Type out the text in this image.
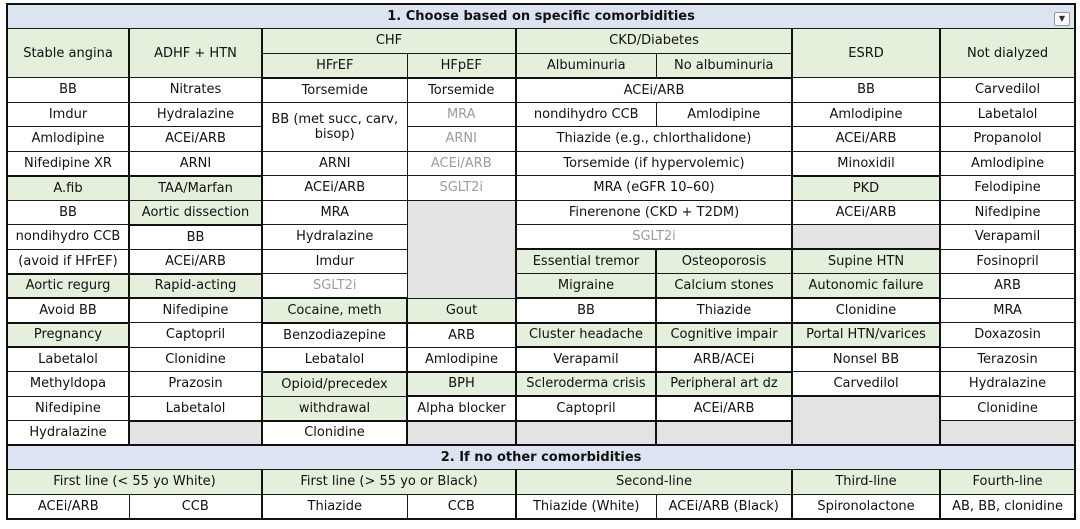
1. Choose based on specific comorbidities							
Stable angina	ADHF + HTN	CHF		CKD/Diabetes		ESRD	Not dialyzed
		HFrEF	HFpEF	Albuminuria	No albuminuria		
BB	Nitrates	Torsemide	Torsemide	ACEi/ARB		BB	Carvedilol
Imdur	Hydralazine	BB (met succ, carv, bisop)	MRA	nondihydro CCB	Amlodipine	Amlodipine	Labetalol
Amlodipine	ACEi/ARB		ARNI	Thiazide (e.g., chlorthalidone)		ACEi/ARB	Propanolol
Nifedipine XR	ARNI	ARNI	ACEi/ARB	Torsemide (if hypervolemic)		Minoxidil	Amlodipine
A.fib	TAA/Marfan	ACEi/ARB	SGLT2i	MRA (eGFR 10–60)		PKD	Felodipine
BB	Aortic dissection	MRA		Finerenone (CKD + T2DM)		ACEi/ARB	Nifedipine
nondihydro CCB	BB	Hydralazine		SGLT2i			Verapamil
(avoid if HFrEF)	ACEi/ARB	Imdur		Essential tremor	Osteoporosis	Supine HTN	Fosinopril
Aortic regurg	Rapid-acting	SGLT2i		Migraine	Calcium stones	Autonomic failure	ARB
Avoid BB	Nifedipine	Cocaine, meth	Gout	BB	Thiazide	Clonidine	MRA
Pregnancy	Captopril	Benzodiazepine	ARB	Cluster headache	Cognitive impair	Portal HTN/varices	Doxazosin
Labetalol	Clonidine	Lebatalol	Amlodipine	Verapamil	ARB/ACEi	Nonsel BB	Terazosin
Methyldopa	Prazosin	Opioid/precedex	BPH	Scleroderma crisis	Peripheral art dz	Carvedilol	Hydralazine
Nifedipine	Labetalol	withdrawal	Alpha blocker	Captopril	ACEi/ARB		Clonidine
Hydralazine		Clonidine					
2. If no other comorbidities							
First line (< 55 yo White)		First line (> 55 yo or Black)		Second-line		Third-line	Fourth-line
ACEi/ARB	CCB	Thiazide	CCB	Thiazide (White)	ACEi/ARB (Black)	Spironolactone	AB, BB, clonidine
▼
